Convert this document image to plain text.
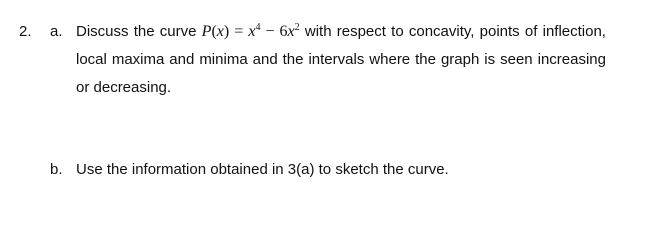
2. a. Discuss the curve $P(x) = x^4 - 6x^2$ with respect to concavity, points of inflection, local maxima and minima and the intervals where the graph is seen increasing or decreasing.
b. Use the information obtained in 3(a) to sketch the curve.
